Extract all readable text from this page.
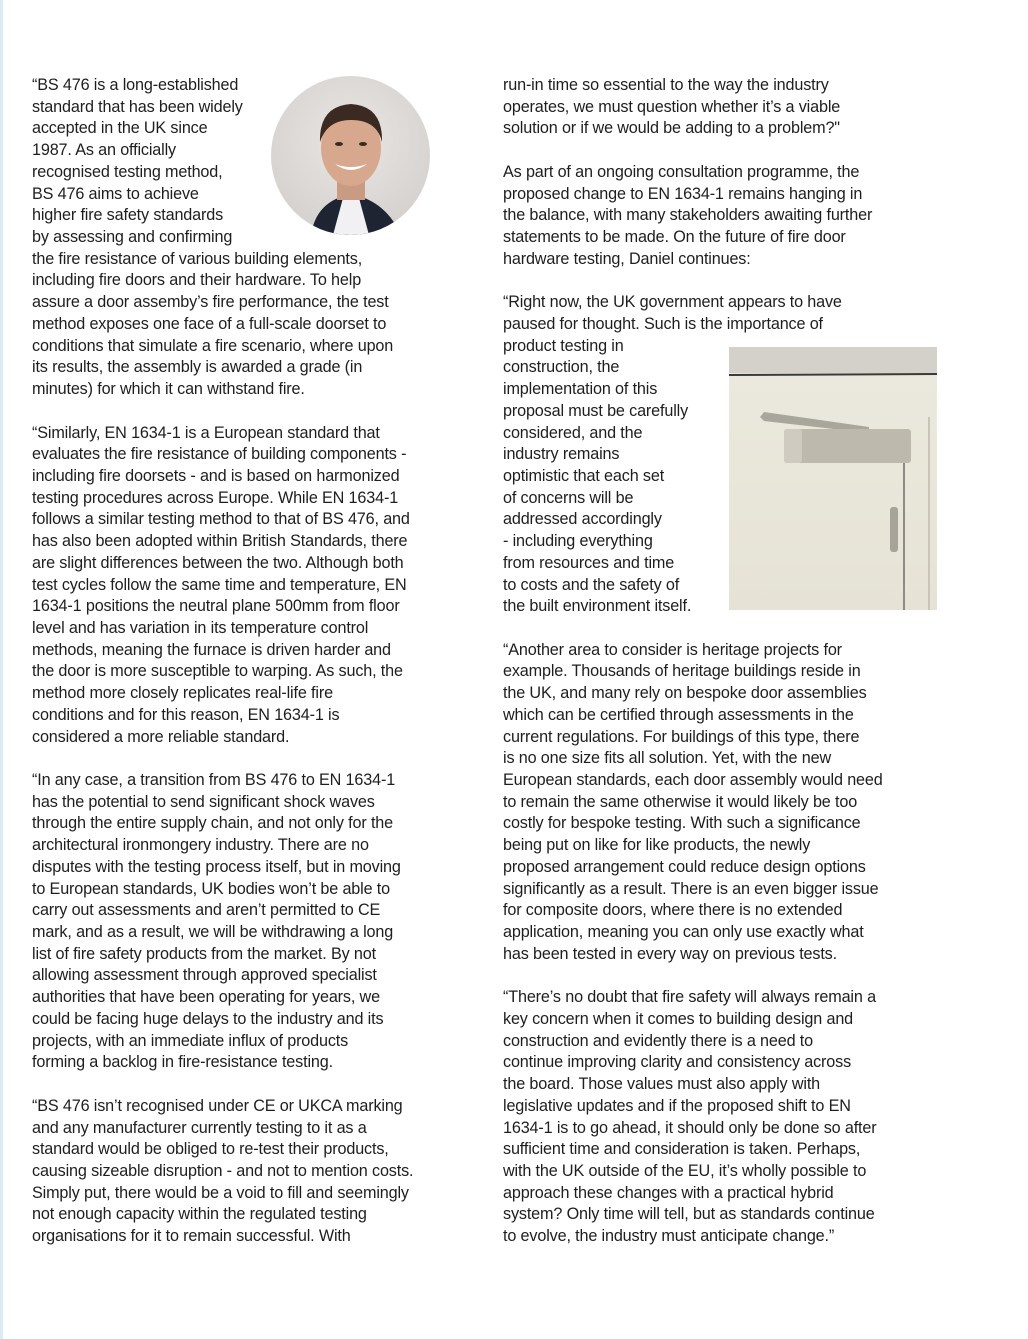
“BS 476 is a long-established
standard that has been widely
accepted in the UK since
1987. As an officially
recognised testing method,
BS 476 aims to achieve
higher fire safety standards
by assessing and confirming
the fire resistance of various building elements,
including fire doors and their hardware. To help
assure a door assemby’s fire performance, the test
method exposes one face of a full-scale doorset to
conditions that simulate a fire scenario, where upon
its results, the assembly is awarded a grade (in
minutes) for which it can withstand fire.
“Similarly, EN 1634-1 is a European standard that
evaluates the fire resistance of building components -
including fire doorsets - and is based on harmonized
testing procedures across Europe. While EN 1634-1
follows a similar testing method to that of BS 476, and
has also been adopted within British Standards, there
are slight differences between the two. Although both
test cycles follow the same time and temperature, EN
1634-1 positions the neutral plane 500mm from floor
level and has variation in its temperature control
methods, meaning the furnace is driven harder and
the door is more susceptible to warping. As such, the
method more closely replicates real-life fire
conditions and for this reason, EN 1634-1 is
considered a more reliable standard.
“In any case, a transition from BS 476 to EN 1634-1
has the potential to send significant shock waves
through the entire supply chain, and not only for the
architectural ironmongery industry. There are no
disputes with the testing process itself, but in moving
to European standards, UK bodies won’t be able to
carry out assessments and aren’t permitted to CE
mark, and as a result, we will be withdrawing a long
list of fire safety products from the market. By not
allowing assessment through approved specialist
authorities that have been operating for years, we
could be facing huge delays to the industry and its
projects, with an immediate influx of products
forming a backlog in fire-resistance testing.
“BS 476 isn’t recognised under CE or UKCA marking
and any manufacturer currently testing to it as a
standard would be obliged to re-test their products,
causing sizeable disruption - and not to mention costs.
Simply put, there would be a void to fill and seemingly
not enough capacity within the regulated testing
organisations for it to remain successful. With
run-in time so essential to the way the industry
operates, we must question whether it’s a viable
solution or if we would be adding to a problem?"
As part of an ongoing consultation programme, the
proposed change to EN 1634-1 remains hanging in
the balance, with many stakeholders awaiting further
statements to be made. On the future of fire door
hardware testing, Daniel continues:
“Right now, the UK government appears to have
paused for thought. Such is the importance of
product testing in
construction, the
implementation of this
proposal must be carefully
considered, and the
industry remains
optimistic that each set
of concerns will be
addressed accordingly
- including everything
from resources and time
to costs and the safety of
the built environment itself.
“Another area to consider is heritage projects for
example. Thousands of heritage buildings reside in
the UK, and many rely on bespoke door assemblies
which can be certified through assessments in the
current regulations. For buildings of this type, there
is no one size fits all solution. Yet, with the new
European standards, each door assembly would need
to remain the same otherwise it would likely be too
costly for bespoke testing. With such a significance
being put on like for like products, the newly
proposed arrangement could reduce design options
significantly as a result. There is an even bigger issue
for composite doors, where there is no extended
application, meaning you can only use exactly what
has been tested in every way on previous tests.
“There’s no doubt that fire safety will always remain a
key concern when it comes to building design and
construction and evidently there is a need to
continue improving clarity and consistency across
the board. Those values must also apply with
legislative updates and if the proposed shift to EN
1634-1 is to go ahead, it should only be done so after
sufficient time and consideration is taken. Perhaps,
with the UK outside of the EU, it’s wholly possible to
approach these changes with a practical hybrid
system? Only time will tell, but as standards continue
to evolve, the industry must anticipate change.”
